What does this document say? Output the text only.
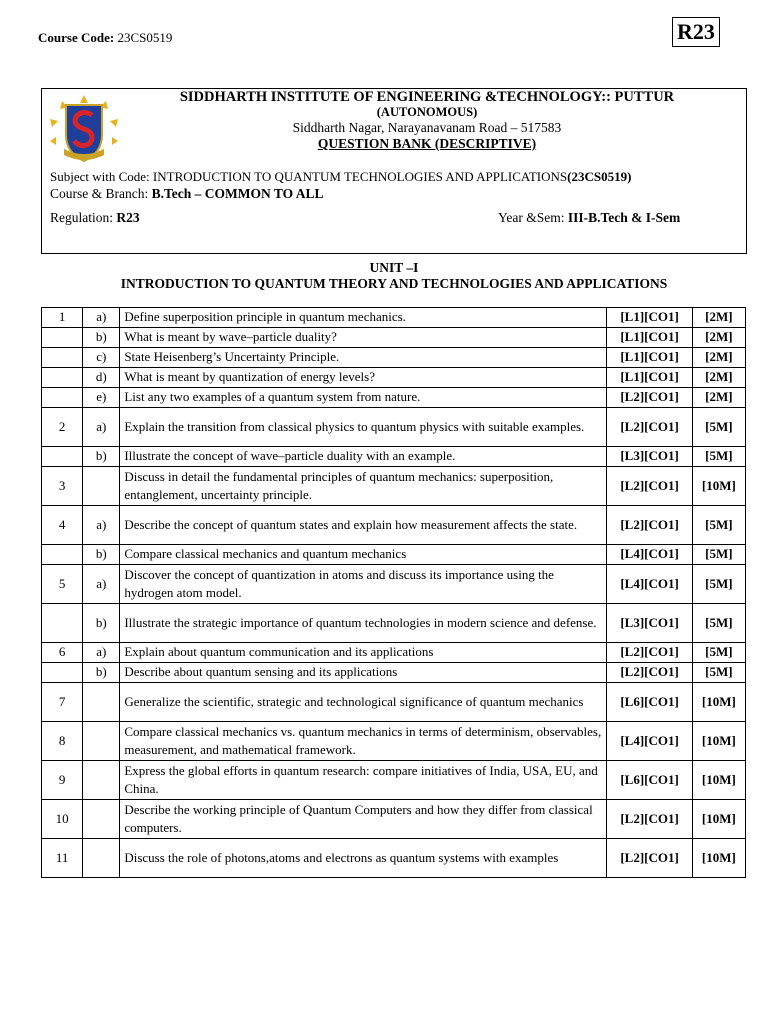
Course Code: 23CS0519	R23
SIDDHARTH INSTITUTE OF ENGINEERING &TECHNOLOGY:: PUTTUR
(AUTONOMOUS)
Siddharth Nagar, Narayanavanam Road – 517583
QUESTION BANK (DESCRIPTIVE)
Subject with Code: INTRODUCTION TO QUANTUM TECHNOLOGIES AND APPLICATIONS(23CS0519)
Course & Branch: B.Tech – COMMON TO ALL
Regulation: R23	Year &Sem: III-B.Tech & I-Sem
UNIT –I
INTRODUCTION TO QUANTUM THEORY AND TECHNOLOGIES AND APPLICATIONS
1	a)	Define superposition principle in quantum mechanics.	[L1][CO1]	[2M]
	b)	What is meant by wave–particle duality?	[L1][CO1]	[2M]
	c)	State Heisenberg’s Uncertainty Principle.	[L1][CO1]	[2M]
	d)	What is meant by quantization of energy levels?	[L1][CO1]	[2M]
	e)	List any two examples of a quantum system from nature.	[L2][CO1]	[2M]
2	a)	Explain the transition from classical physics to quantum physics with suitable examples.	[L2][CO1]	[5M]
	b)	Illustrate the concept of wave–particle duality with an example.	[L3][CO1]	[5M]
3		Discuss in detail the fundamental principles of quantum mechanics: superposition, entanglement, uncertainty principle.	[L2][CO1]	[10M]
4	a)	Describe the concept of quantum states and explain how measurement affects the state.	[L2][CO1]	[5M]
	b)	Compare classical mechanics and quantum mechanics	[L4][CO1]	[5M]
5	a)	Discover the concept of quantization in atoms and discuss its importance using the hydrogen atom model.	[L4][CO1]	[5M]
	b)	Illustrate the strategic importance of quantum technologies in modern science and defense.	[L3][CO1]	[5M]
6	a)	Explain about quantum communication and its applications	[L2][CO1]	[5M]
	b)	Describe about quantum sensing and its applications	[L2][CO1]	[5M]
7		Generalize the scientific, strategic and technological significance of quantum mechanics	[L6][CO1]	[10M]
8		Compare classical mechanics vs. quantum mechanics in terms of determinism, observables, measurement, and mathematical framework.	[L4][CO1]	[10M]
9		Express the global efforts in quantum research: compare initiatives of India, USA, EU, and China.	[L6][CO1]	[10M]
10		Describe the working principle of Quantum Computers and how they differ from classical computers.	[L2][CO1]	[10M]
11		Discuss the role of photons,atoms and electrons as quantum systems with examples	[L2][CO1]	[10M]
